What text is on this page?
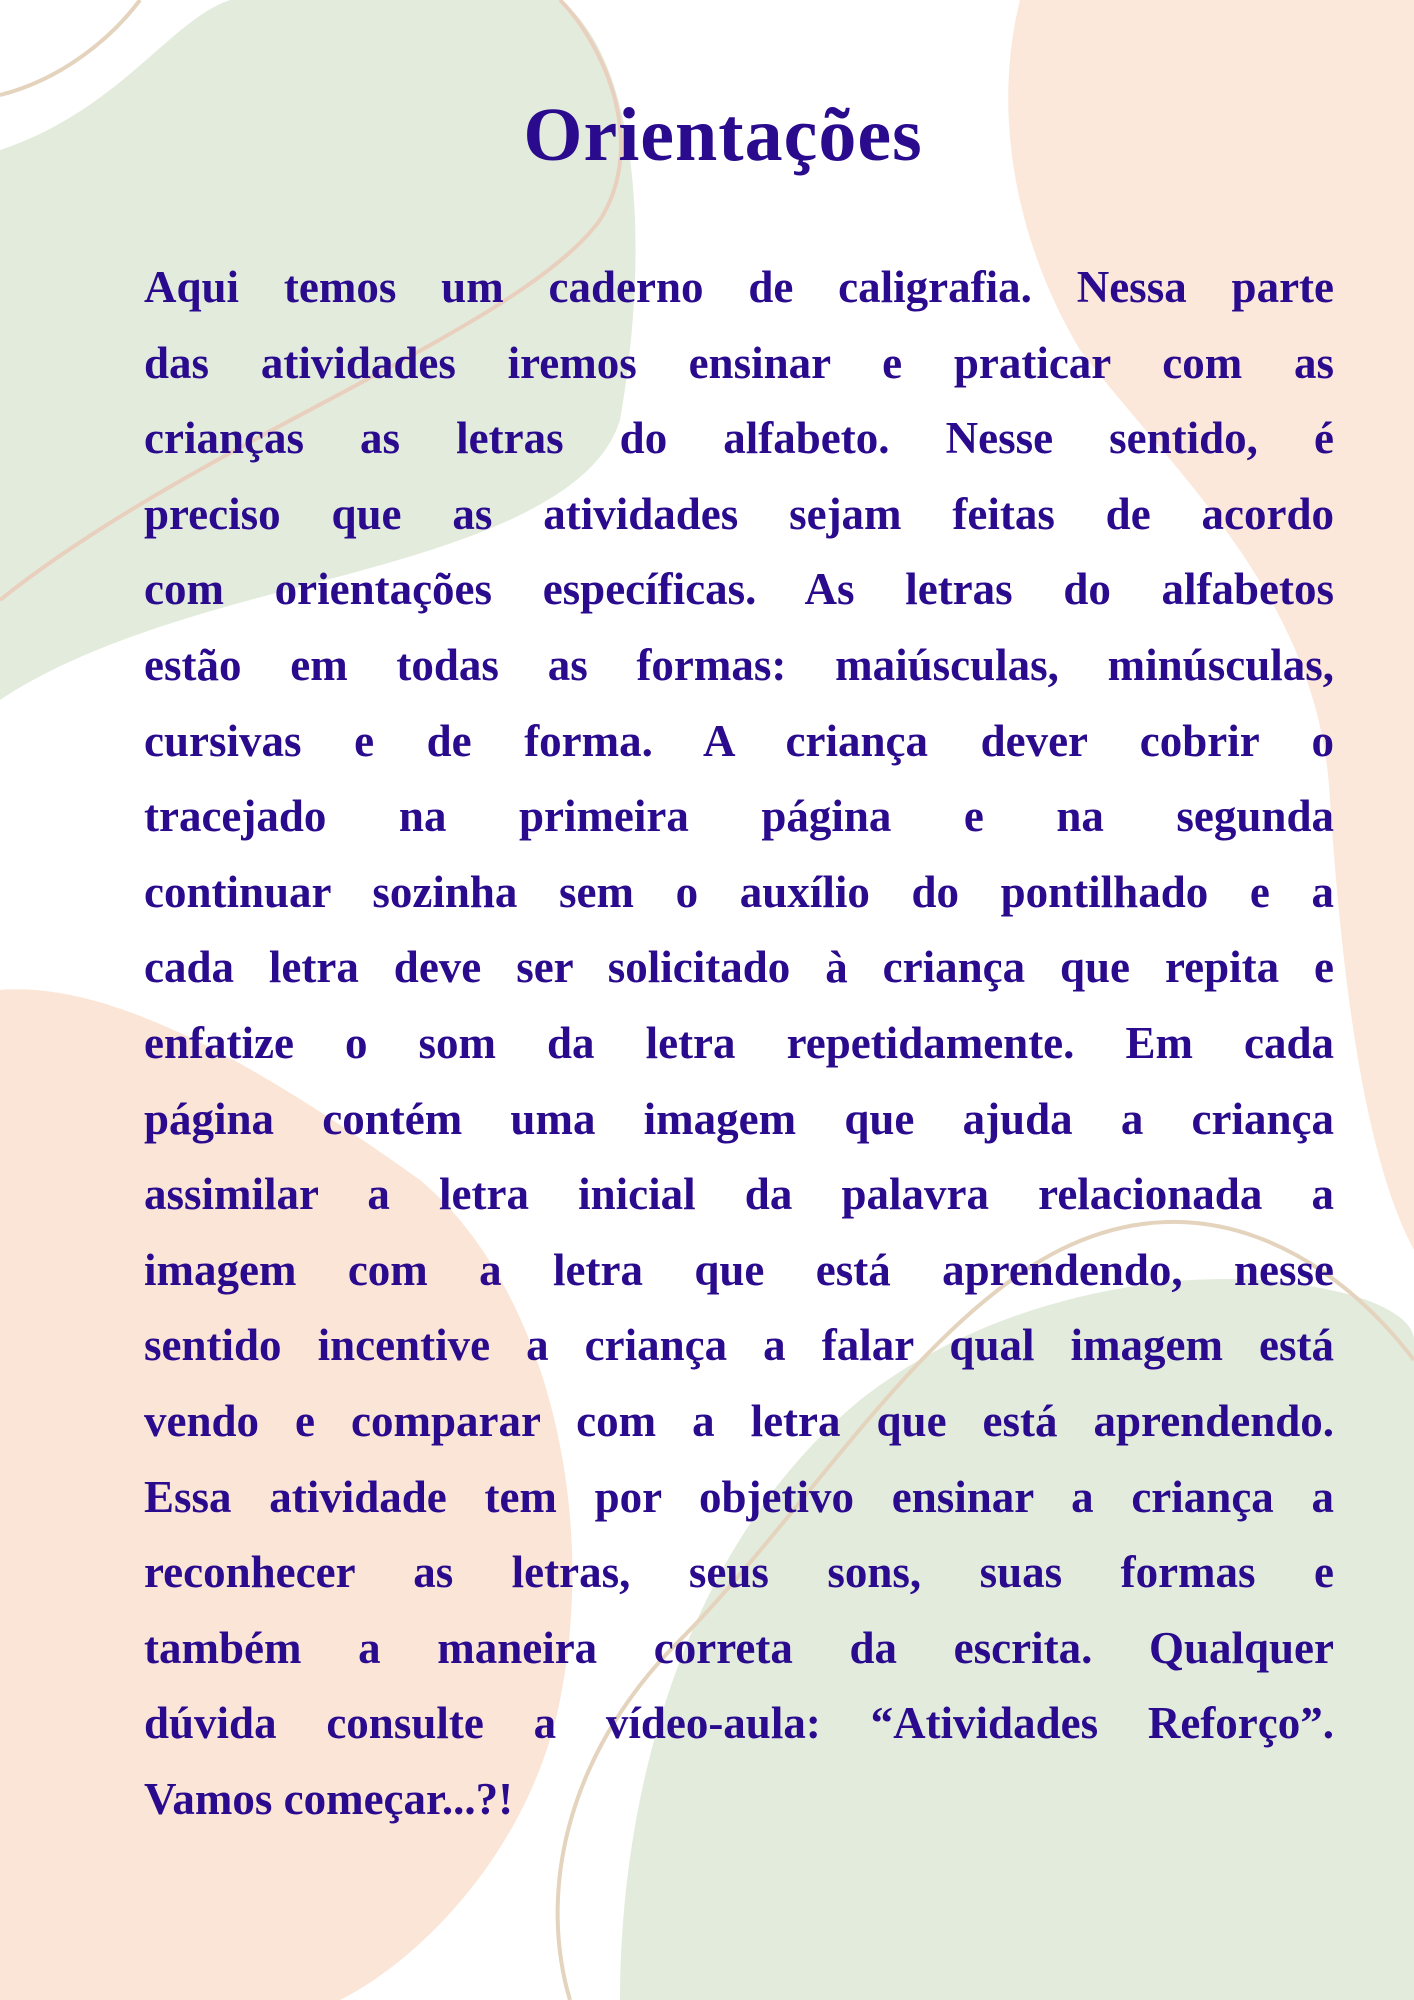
Orientações
Aqui temos um caderno de caligrafia. Nessa parte
das atividades iremos ensinar e praticar com as
crianças as letras do alfabeto. Nesse sentido, é
preciso que as atividades sejam feitas de acordo
com orientações específicas. As letras do alfabetos
estão em todas as formas: maiúsculas, minúsculas,
cursivas e de forma. A criança dever cobrir o
tracejado na primeira página e na segunda
continuar sozinha sem o auxílio do pontilhado e a
cada letra deve ser solicitado à criança que repita e
enfatize o som da letra repetidamente. Em cada
página contém uma imagem que ajuda a criança
assimilar a letra inicial da palavra relacionada a
imagem com a letra que está aprendendo, nesse
sentido incentive a criança a falar qual imagem está
vendo e comparar com a letra que está aprendendo.
Essa atividade tem por objetivo ensinar a criança a
reconhecer as letras, seus sons, suas formas e
também a maneira correta da escrita. Qualquer
dúvida consulte a vídeo-aula: “Atividades Reforço”.
Vamos começar...?!
